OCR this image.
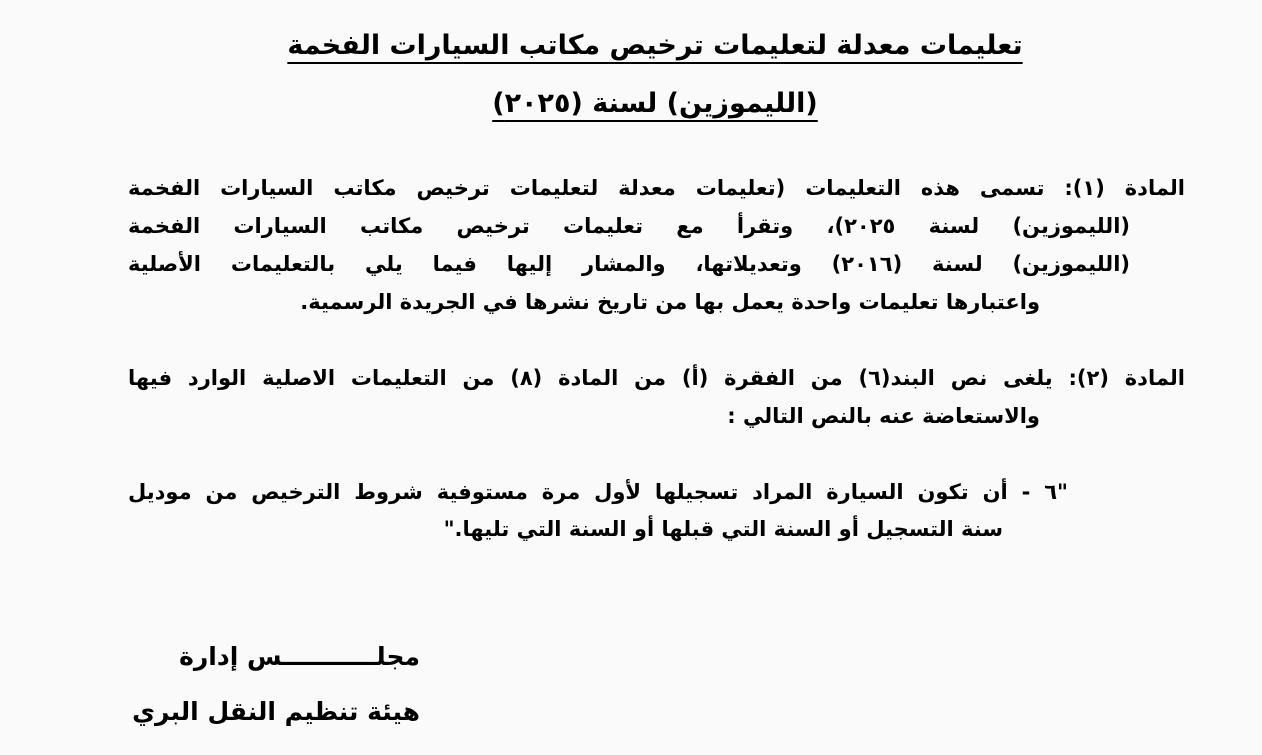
تعليمات معدلة لتعليمات ترخيص مكاتب السيارات الفخمة
(الليموزين) لسنة (٢٠٢٥)
المادة (١): تسمى هذه التعليمات (تعليمات معدلة لتعليمات ترخيص مكاتب السيارات الفخمة
(الليموزين) لسنة ٢٠٢٥)، وتقرأ مع تعليمات ترخيص مكاتب السيارات الفخمة
(الليموزين) لسنة (٢٠١٦) وتعديلاتها، والمشار إليها فيما يلي بالتعليمات الأصلية
واعتبارها تعليمات واحدة يعمل بها من تاريخ نشرها في الجريدة الرسمية.
المادة (٢): يلغى نص البند(٦) من الفقرة (أ) من المادة (٨) من التعليمات الاصلية الوارد فيها
والاستعاضة عنه بالنص التالي :
"٦ - أن تكون السيارة المراد تسجيلها لأول مرة مستوفية شروط الترخيص من موديل
سنة التسجيل أو السنة التي قبلها أو السنة التي تليها."
مجلـــــــــــس إدارة
هيئة تنظيم النقل البري
